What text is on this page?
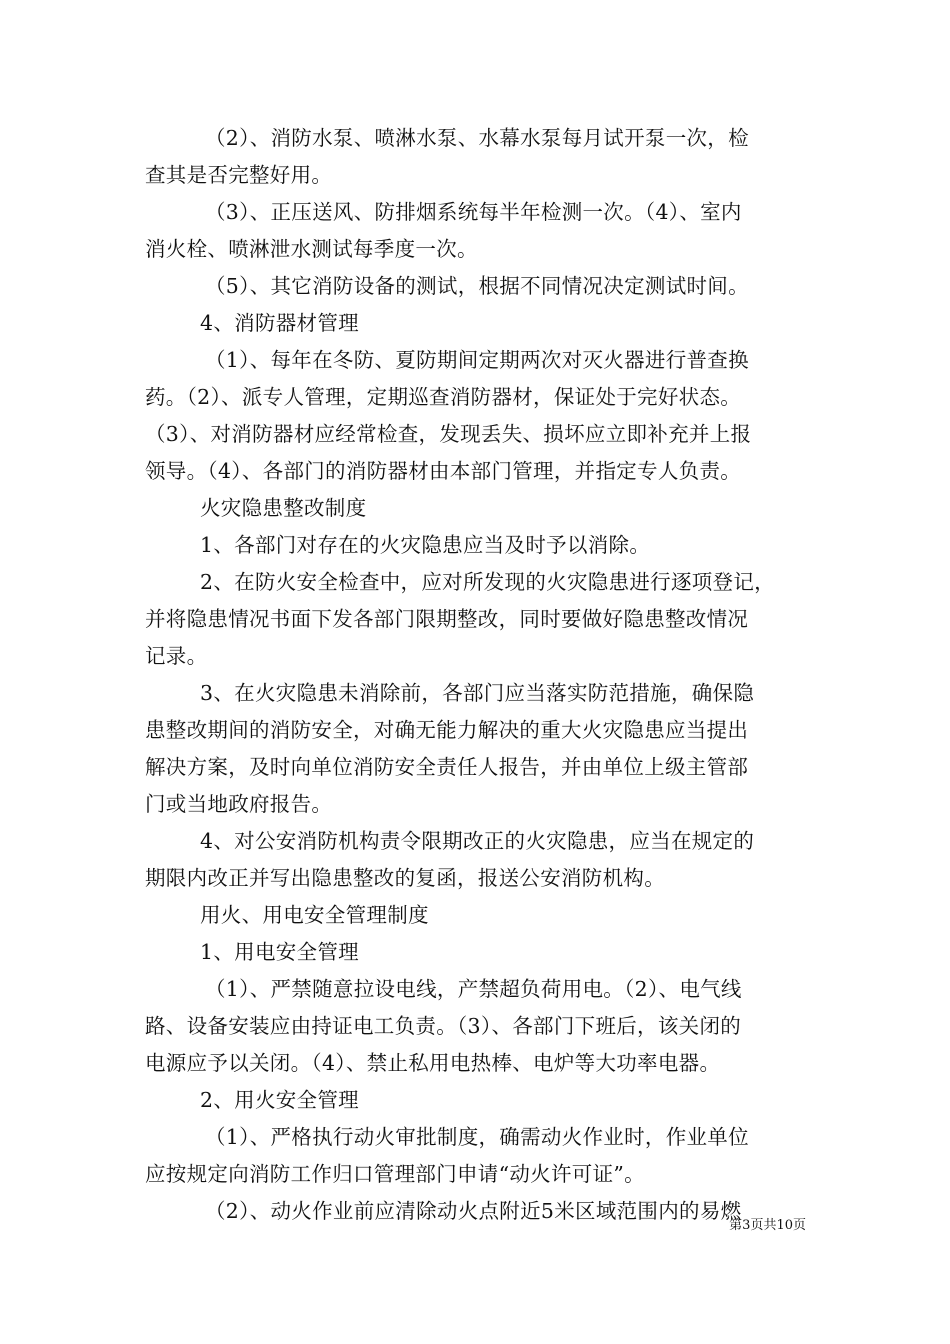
（2）、消防水泵、喷淋水泵、水幕水泵每月试开泵一次，检
查其是否完整好用。
（3）、正压送风、防排烟系统每半年检测一次。（4）、室内
消火栓、喷淋泄水测试每季度一次。
（5）、其它消防设备的测试，根据不同情况决定测试时间。
4、消防器材管理
（1）、每年在冬防、夏防期间定期两次对灭火器进行普查换
药。（2）、派专人管理，定期巡查消防器材，保证处于完好状态。
（3）、对消防器材应经常检查，发现丢失、损坏应立即补充并上报
领导。（4）、各部门的消防器材由本部门管理，并指定专人负责。
火灾隐患整改制度
1、各部门对存在的火灾隐患应当及时予以消除。
2、在防火安全检查中，应对所发现的火灾隐患进行逐项登记，
并将隐患情况书面下发各部门限期整改，同时要做好隐患整改情况
记录。
3、在火灾隐患未消除前，各部门应当落实防范措施，确保隐
患整改期间的消防安全，对确无能力解决的重大火灾隐患应当提出
解决方案，及时向单位消防安全责任人报告，并由单位上级主管部
门或当地政府报告。
4、对公安消防机构责令限期改正的火灾隐患，应当在规定的
期限内改正并写出隐患整改的复函，报送公安消防机构。
用火、用电安全管理制度
1、用电安全管理
（1）、严禁随意拉设电线，产禁超负荷用电。（2）、电气线
路、设备安装应由持证电工负责。（3）、各部门下班后，该关闭的
电源应予以关闭。（4）、禁止私用电热棒、电炉等大功率电器。
2、用火安全管理
（1）、严格执行动火审批制度，确需动火作业时，作业单位
应按规定向消防工作归口管理部门申请“动火许可证”。
（2）、动火作业前应清除动火点附近5米区域范围内的易燃
第3页共10页
